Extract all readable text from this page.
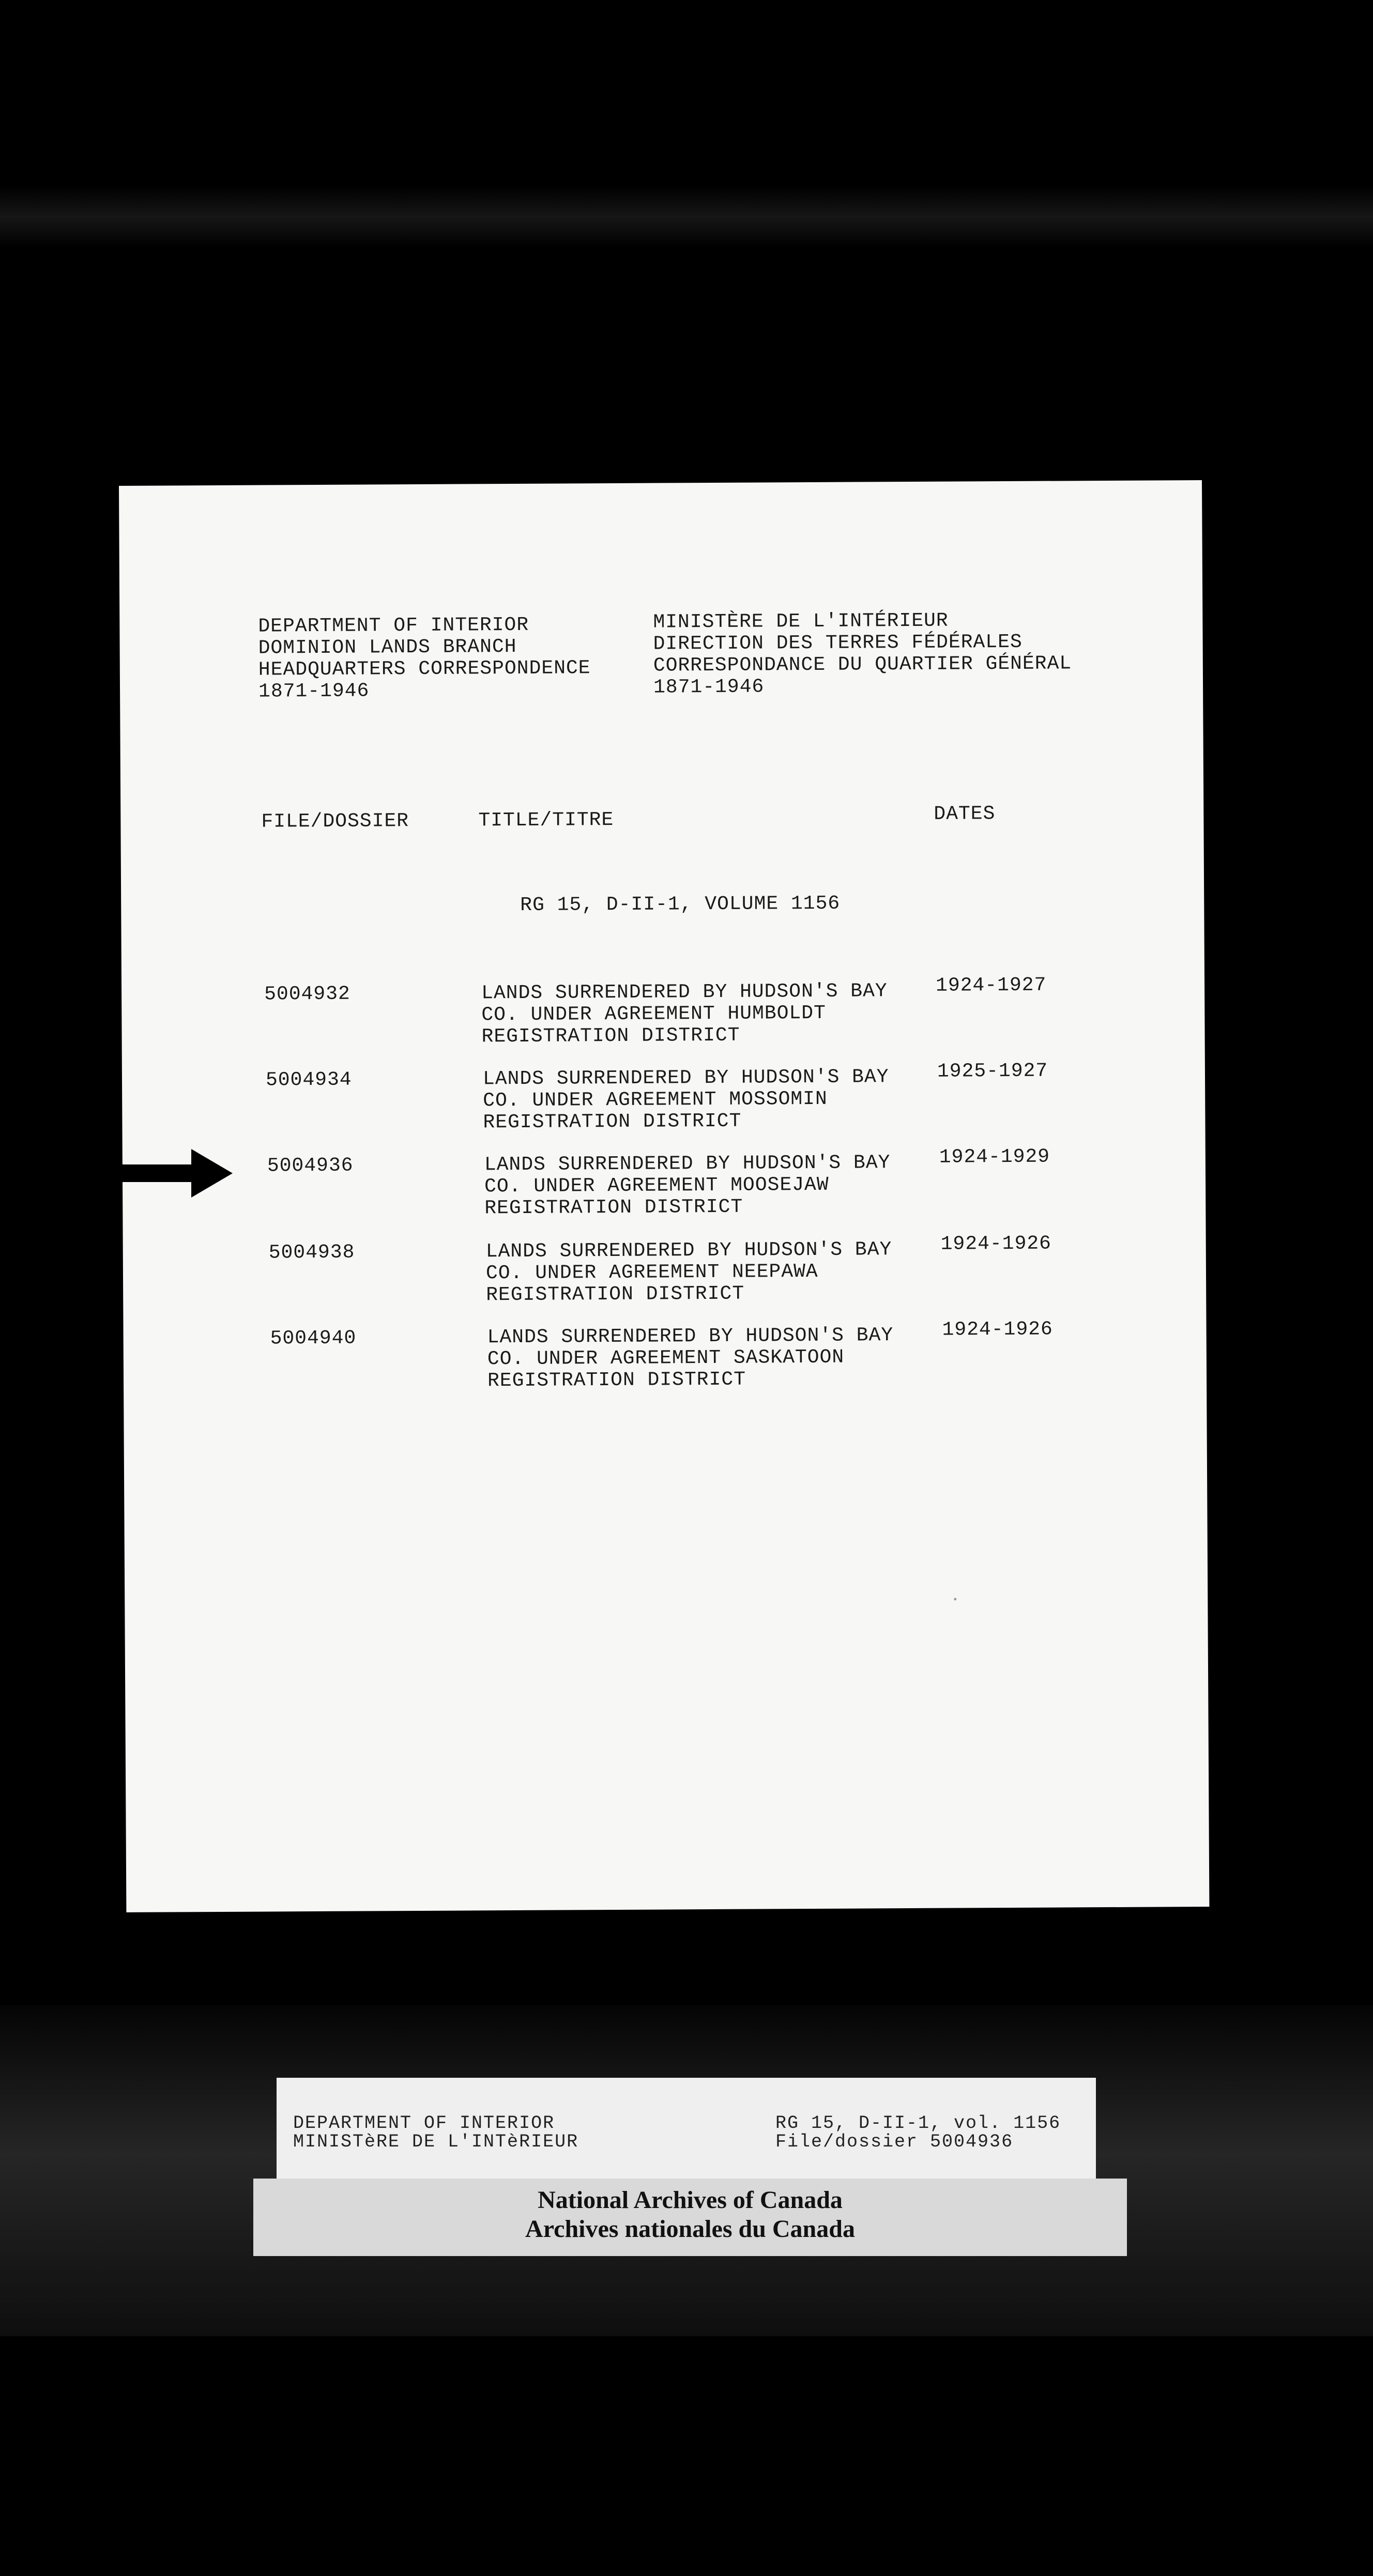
DEPARTMENT OF INTERIOR
DOMINION LANDS BRANCH
HEADQUARTERS CORRESPONDENCE
1871-1946
MINISTÈRE DE L'INTÉRIEUR
DIRECTION DES TERRES FÉDÉRALES
CORRESPONDANCE DU QUARTIER GÉNÉRAL
1871-1946
FILE/DOSSIER	TITLE/TITRE	DATES
RG 15, D-II-1, VOLUME 1156
5004932	LANDS SURRENDERED BY HUDSON'S BAY
CO. UNDER AGREEMENT HUMBOLDT
REGISTRATION DISTRICT
1924-1927
5004934	LANDS SURRENDERED BY HUDSON'S BAY
CO. UNDER AGREEMENT MOSSOMIN
REGISTRATION DISTRICT
1925-1927
5004936	LANDS SURRENDERED BY HUDSON'S BAY
CO. UNDER AGREEMENT MOOSEJAW
REGISTRATION DISTRICT
1924-1929
5004938	LANDS SURRENDERED BY HUDSON'S BAY
CO. UNDER AGREEMENT NEEPAWA
REGISTRATION DISTRICT
1924-1926
5004940	LANDS SURRENDERED BY HUDSON'S BAY
CO. UNDER AGREEMENT SASKATOON
REGISTRATION DISTRICT
1924-1926
DEPARTMENT OF INTERIOR
MINISTèRE DE L'INTèRIEUR
RG 15, D-II-1, vol. 1156
File/dossier 5004936
National Archives of Canada
Archives nationales du Canada
